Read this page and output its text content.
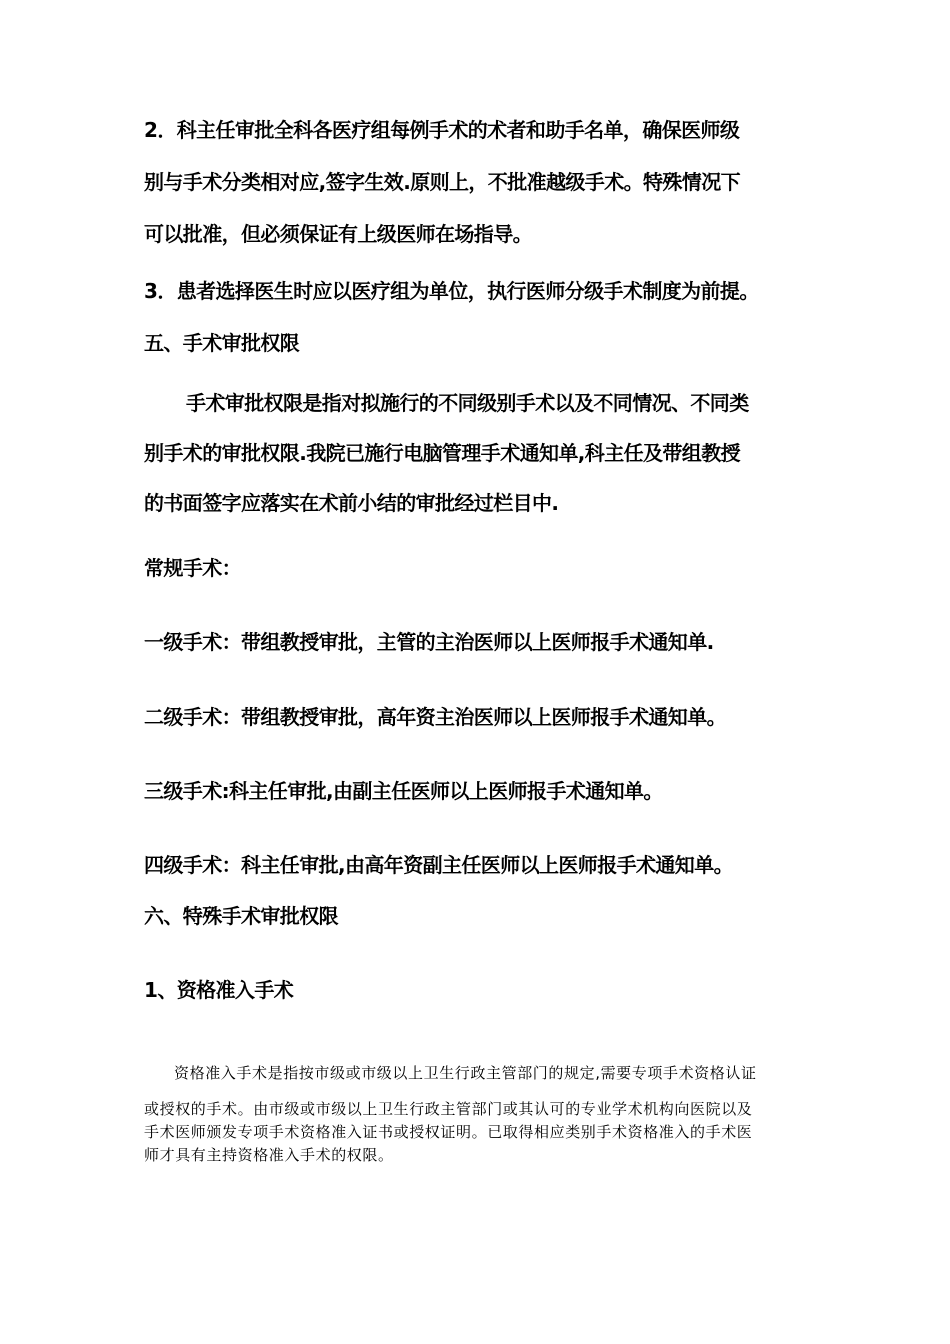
2．科主任审批全科各医疗组每例手术的术者和助手名单，确保医师级
别与手术分类相对应,签字生效.原则上，不批准越级手术。特殊情况下
可以批准，但必须保证有上级医师在场指导。
3．患者选择医生时应以医疗组为单位，执行医师分级手术制度为前提。
五、手术审批权限
手术审批权限是指对拟施行的不同级别手术以及不同情况、不同类
别手术的审批权限.我院已施行电脑管理手术通知单,科主任及带组教授
的书面签字应落实在术前小结的审批经过栏目中.
常规手术：
一级手术：带组教授审批，主管的主治医师以上医师报手术通知单.
二级手术：带组教授审批，高年资主治医师以上医师报手术通知单。
三级手术:科主任审批,由副主任医师以上医师报手术通知单。
四级手术：科主任审批,由高年资副主任医师以上医师报手术通知单。
六、特殊手术审批权限
1、资格准入手术
资格准入手术是指按市级或市级以上卫生行政主管部门的规定,需要专项手术资格认证
或授权的手术。由市级或市级以上卫生行政主管部门或其认可的专业学术机构向医院以及
手术医师颁发专项手术资格准入证书或授权证明。已取得相应类别手术资格准入的手术医
师才具有主持资格准入手术的权限。
